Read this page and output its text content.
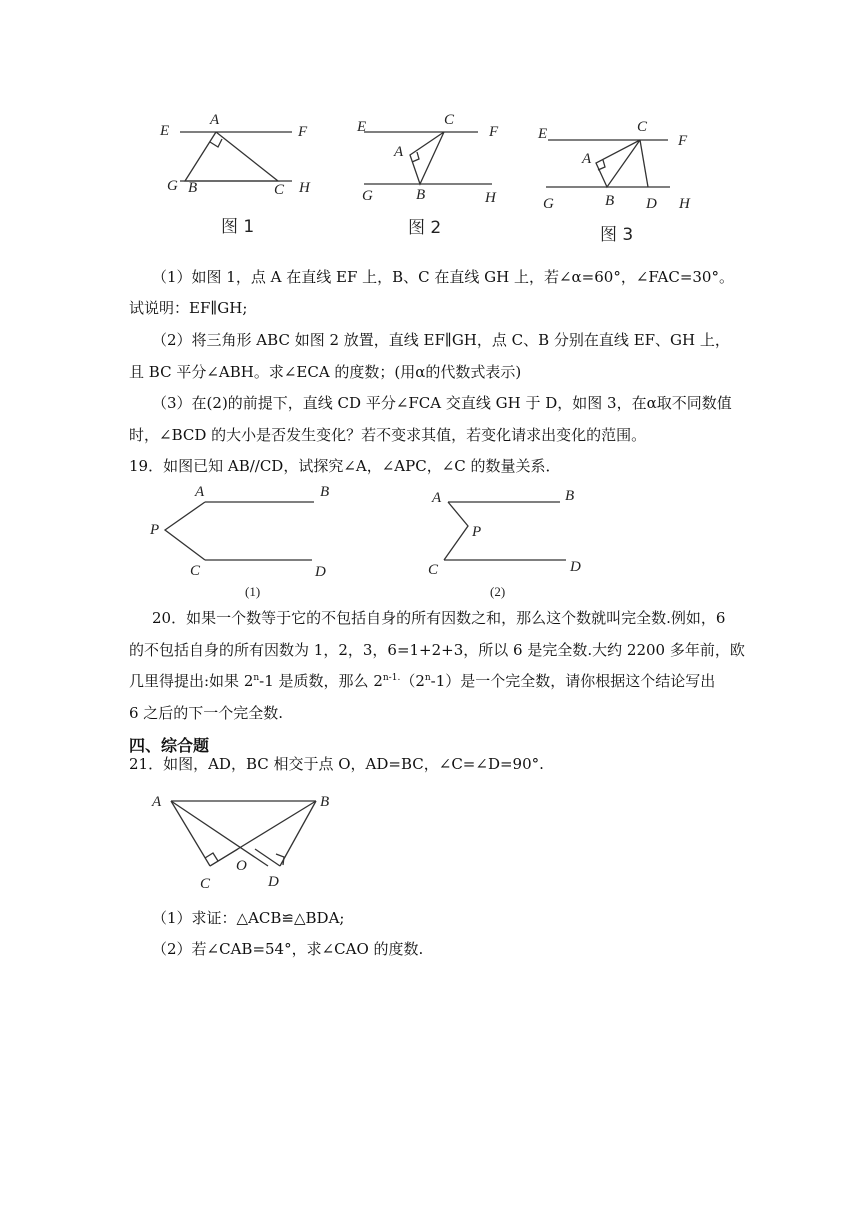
E
A
F
G B	C H
图 1
E	C
F
A
G	B	H
图 2
E	C
F
A
G	B D H
图 3
（1）如图 1，点 A 在直线 EF 上，B、C 在直线 GH 上，若∠α=60°，∠FAC=30°。
试说明：EF∥GH;
（2）将三角形 ABC 如图 2 放置，直线 EF∥GH，点 C、B 分别在直线 EF、GH 上，
且 BC 平分∠ABH。求∠ECA 的度数；(用α的代数式表示)
（3）在(2)的前提下，直线 CD 平分∠FCA 交直线 GH 于 D，如图 3，在α取不同数值
时，∠BCD 的大小是否发生变化？若不变求其值，若变化请求出变化的范围。
19．如图已知 AB//CD，试探究∠A，∠APC，∠C 的数量关系．
A	B
P
C	D
(1)
A	B
P
C	D
(2)
20．如果一个数等于它的不包括自身的所有因数之和，那么这个数就叫完全数.例如，6
的不包括自身的所有因数为 1，2，3，6=1+2+3，所以 6 是完全数.大约 2200 多年前，欧
几里得提出:如果 2$^n$-1 是质数，那么 $2^{n-1.}(2^n-1)$是一个完全数，请你根据这个结论写出
6 之后的下一个完全数.
四、综合题
21．如图，AD，BC 相交于点 O，AD=BC，∠C=∠D=90°.
A	B
O
C	D
（1）求证：△ACB≌△BDA;
（2）若∠CAB=54°，求∠CAO 的度数.
